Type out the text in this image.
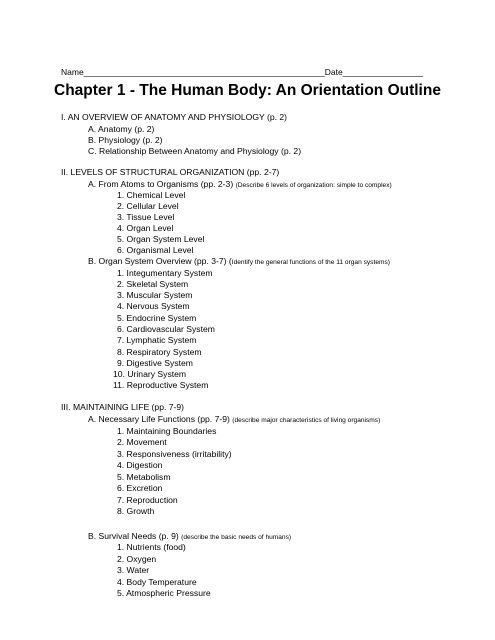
Name___________________________________________________Date_________________

Chapter 1 - The Human Body: An Orientation Outline
I. AN OVERVIEW OF ANATOMY AND PHYSIOLOGY (p. 2)
A. Anatomy (p. 2)
B. Physiology (p. 2)
C. Relationship Between Anatomy and Physiology (p. 2)
II. LEVELS OF STRUCTURAL ORGANIZATION (pp. 2-7)
A. From Atoms to Organisms (pp. 2-3) (Describe 6 levels of organization: simple to complex)
1. Chemical Level
2. Cellular Level
3. Tissue Level
4. Organ Level
5. Organ System Level
6. Organismal Level
B. Organ System Overview (pp. 3-7) (Identify the general functions of the 11 organ systems)
1. Integumentary System
2. Skeletal System
3. Muscular System
4. Nervous System
5. Endocrine System
6. Cardiovascular System
7. Lymphatic System
8. Respiratory System
9. Digestive System
10. Urinary System
11. Reproductive System
III. MAINTAINING LIFE (pp. 7-9)
A. Necessary Life Functions (pp. 7-9) (describe major characteristics of living organisms)
1. Maintaining Boundaries
2. Movement
3. Responsiveness (irritability)
4. Digestion
5. Metabolism
6. Excretion
7. Reproduction
8. Growth
B. Survival Needs (p. 9) (describe the basic needs of humans)
1. Nutrients (food)
2. Oxygen
3. Water
4. Body Temperature
5. Atmospheric Pressure
